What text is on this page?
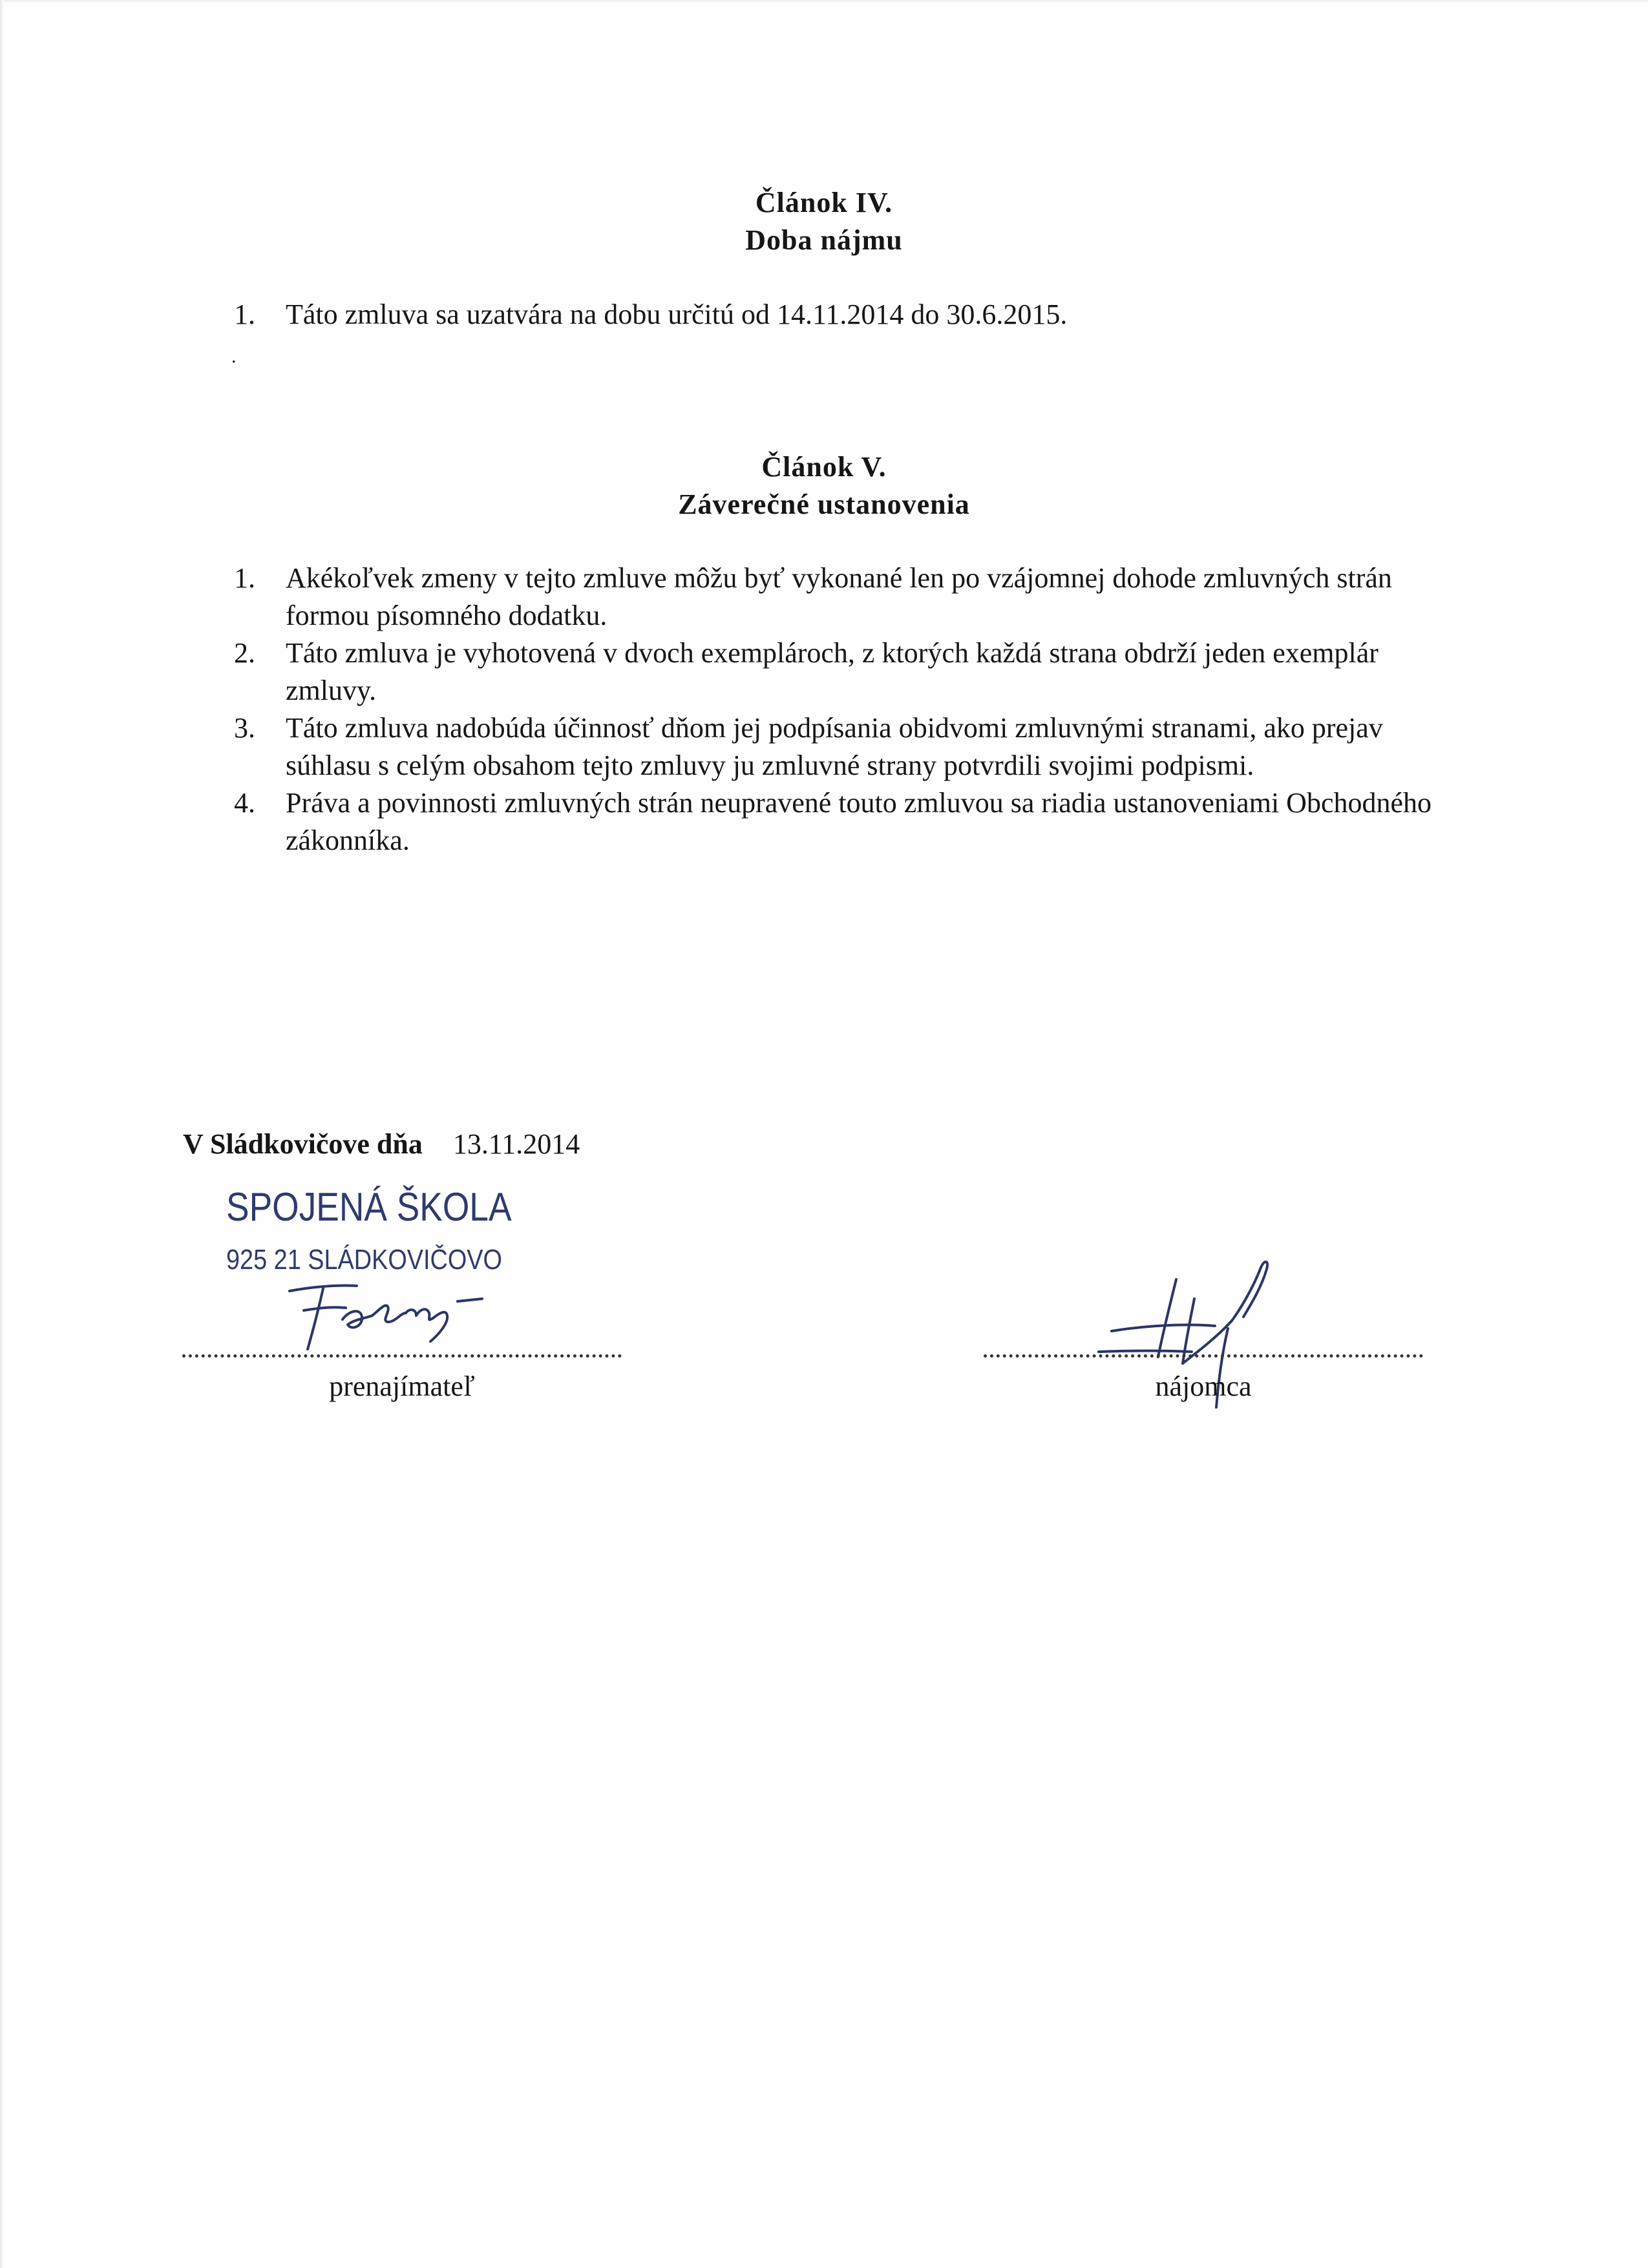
Článok IV.
Doba nájmu
1. Táto zmluva sa uzatvára na dobu určitú od 14.11.2014 do 30.6.2015.
.
Článok V.
Záverečné ustanovenia
1. Akékoľvek zmeny v tejto zmluve môžu byť vykonané len po vzájomnej dohode zmluvných strán formou písomného dodatku.
2. Táto zmluva je vyhotovená v dvoch exemplároch, z ktorých každá strana obdrží jeden exemplár zmluvy.
3. Táto zmluva nadobúda účinnosť dňom jej podpísania obidvomi zmluvnými stranami, ako prejav súhlasu s celým obsahom tejto zmluvy ju zmluvné strany potvrdili svojimi podpismi.
4. Práva a povinnosti zmluvných strán neupravené touto zmluvou sa riadia ustanoveniami Obchodného zákonníka.
V Sládkovičove dňa 13.11.2014
SPOJENÁ ŠKOLA
925 21 SLÁDKOVIČOVO
prenajímateľ	nájomca
